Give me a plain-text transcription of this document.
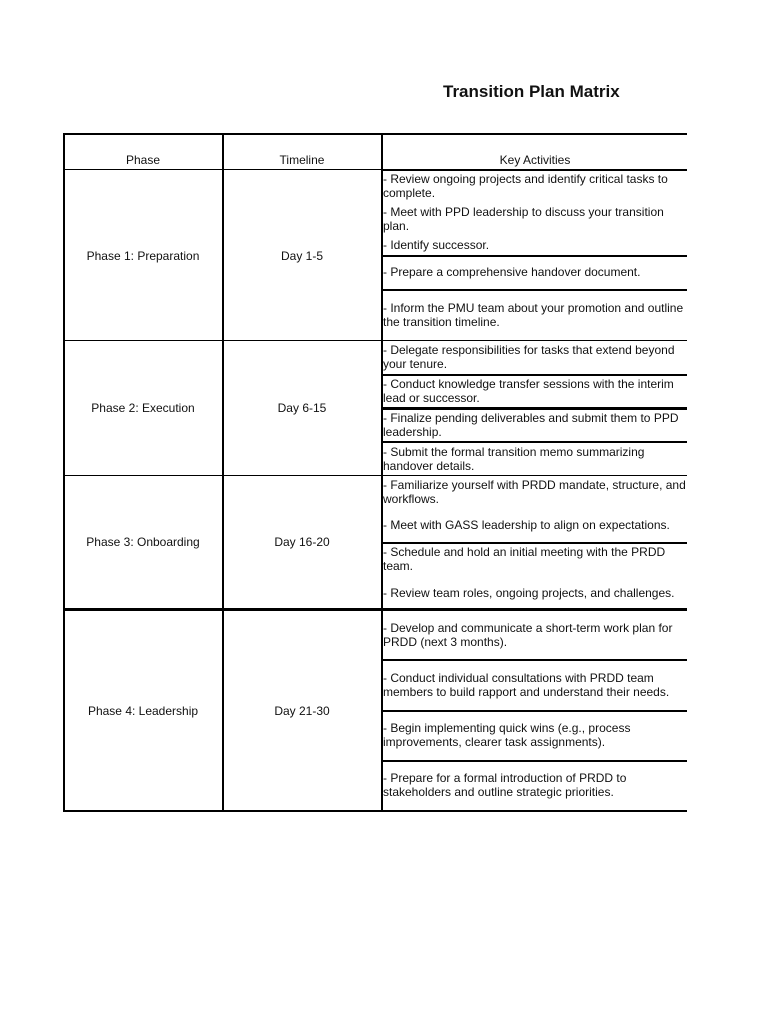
Transition Plan Matrix
Phase	Timeline	Key Activities
Phase 1: Preparation	Day 1-5
- Review ongoing projects and identify critical tasks to complete.
- Meet with PPD leadership to discuss your transition plan.
- Identify successor.
- Prepare a comprehensive handover document.
- Inform the PMU team about your promotion and outline the transition timeline.
Phase 2: Execution	Day 6-15
- Delegate responsibilities for tasks that extend beyond your tenure.
- Conduct knowledge transfer sessions with the interim lead or successor.
- Finalize pending deliverables and submit them to PPD leadership.
- Submit the formal transition memo summarizing handover details.
Phase 3: Onboarding	Day 16-20
- Familiarize yourself with PRDD mandate, structure, and workflows.
- Meet with GASS leadership to align on expectations.
- Schedule and hold an initial meeting with the PRDD team.
- Review team roles, ongoing projects, and challenges.
Phase 4: Leadership	Day 21-30
- Develop and communicate a short-term work plan for PRDD (next 3 months).
- Conduct individual consultations with PRDD team members to build rapport and understand their needs.
- Begin implementing quick wins (e.g., process improvements, clearer task assignments).
- Prepare for a formal introduction of PRDD to stakeholders and outline strategic priorities.
